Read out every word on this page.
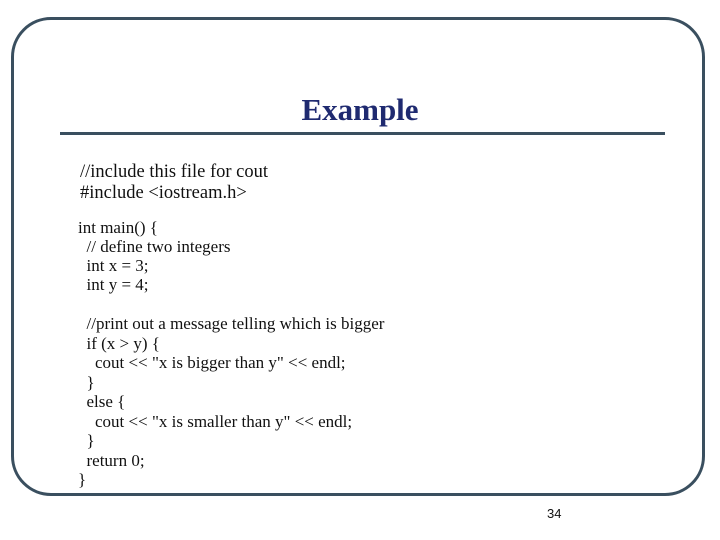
Example
//include this file for cout
#include <iostream.h>
int main() {
// define two integers
int x = 3;
int y = 4;
//print out a message telling which is bigger
if (x > y) {
cout << "x is bigger than y" << endl;
}
else {
cout << "x is smaller than y" << endl;
}
return 0;
}
34
